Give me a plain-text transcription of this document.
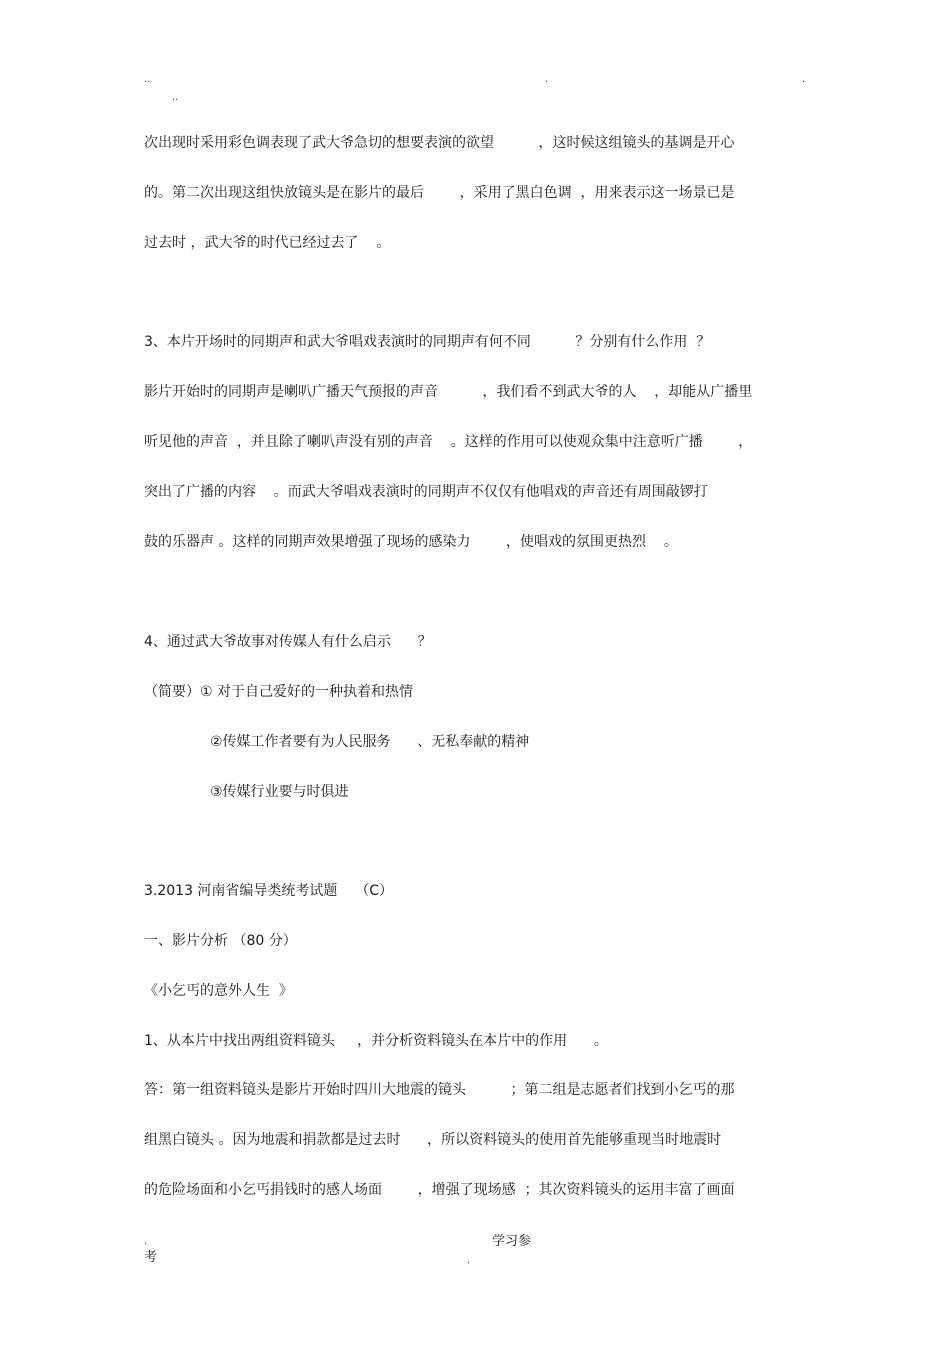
..	.	.
..
次出现时采用彩色调表现了武大爷急切的想要表演的欲望          ，这时候这组镜头的基调是开心
的。第二次出现这组快放镜头是在影片的最后        ，采用了黑白色调  ，用来表示这一场景已是
过去时 ，武大爷的时代已经过去了    。
3、本片开场时的同期声和武大爷唱戏表演时的同期声有何不同          ？分别有什么作用  ？
影片开始时的同期声是喇叭广播天气预报的声音          ，我们看不到武大爷的人    ，却能从广播里
听见他的声音  ，并且除了喇叭声没有别的声音    。这样的作用可以使观众集中注意听广播        ，
突出了广播的内容    。而武大爷唱戏表演时的同期声不仅仅有他唱戏的声音还有周围敲锣打
鼓的乐器声 。这样的同期声效果增强了现场的感染力        ，使唱戏的氛围更热烈    。
4、通过武大爷故事对传媒人有什么启示      ？
（简要）① 对于自己爱好的一种执着和热情
②传媒工作者要有为人民服务      、无私奉献的精神
③传媒行业要与时俱进
3.2013 河南省编导类统考试题    （C）
一、影片分析 （80 分）
《小乞丐的意外人生  》
1、从本片中找出两组资料镜头     ，并分析资料镜头在本片中的作用      。
答：第一组资料镜头是影片开始时四川大地震的镜头          ；第二组是志愿者们找到小乞丐的那
组黑白镜头 。因为地震和捐款都是过去时      ，所以资料镜头的使用首先能够重现当时地震时
的危险场面和小乞丐捐钱时的感人场面        ，增强了现场感  ；其次资料镜头的运用丰富了画面
.
考
学习参
.
